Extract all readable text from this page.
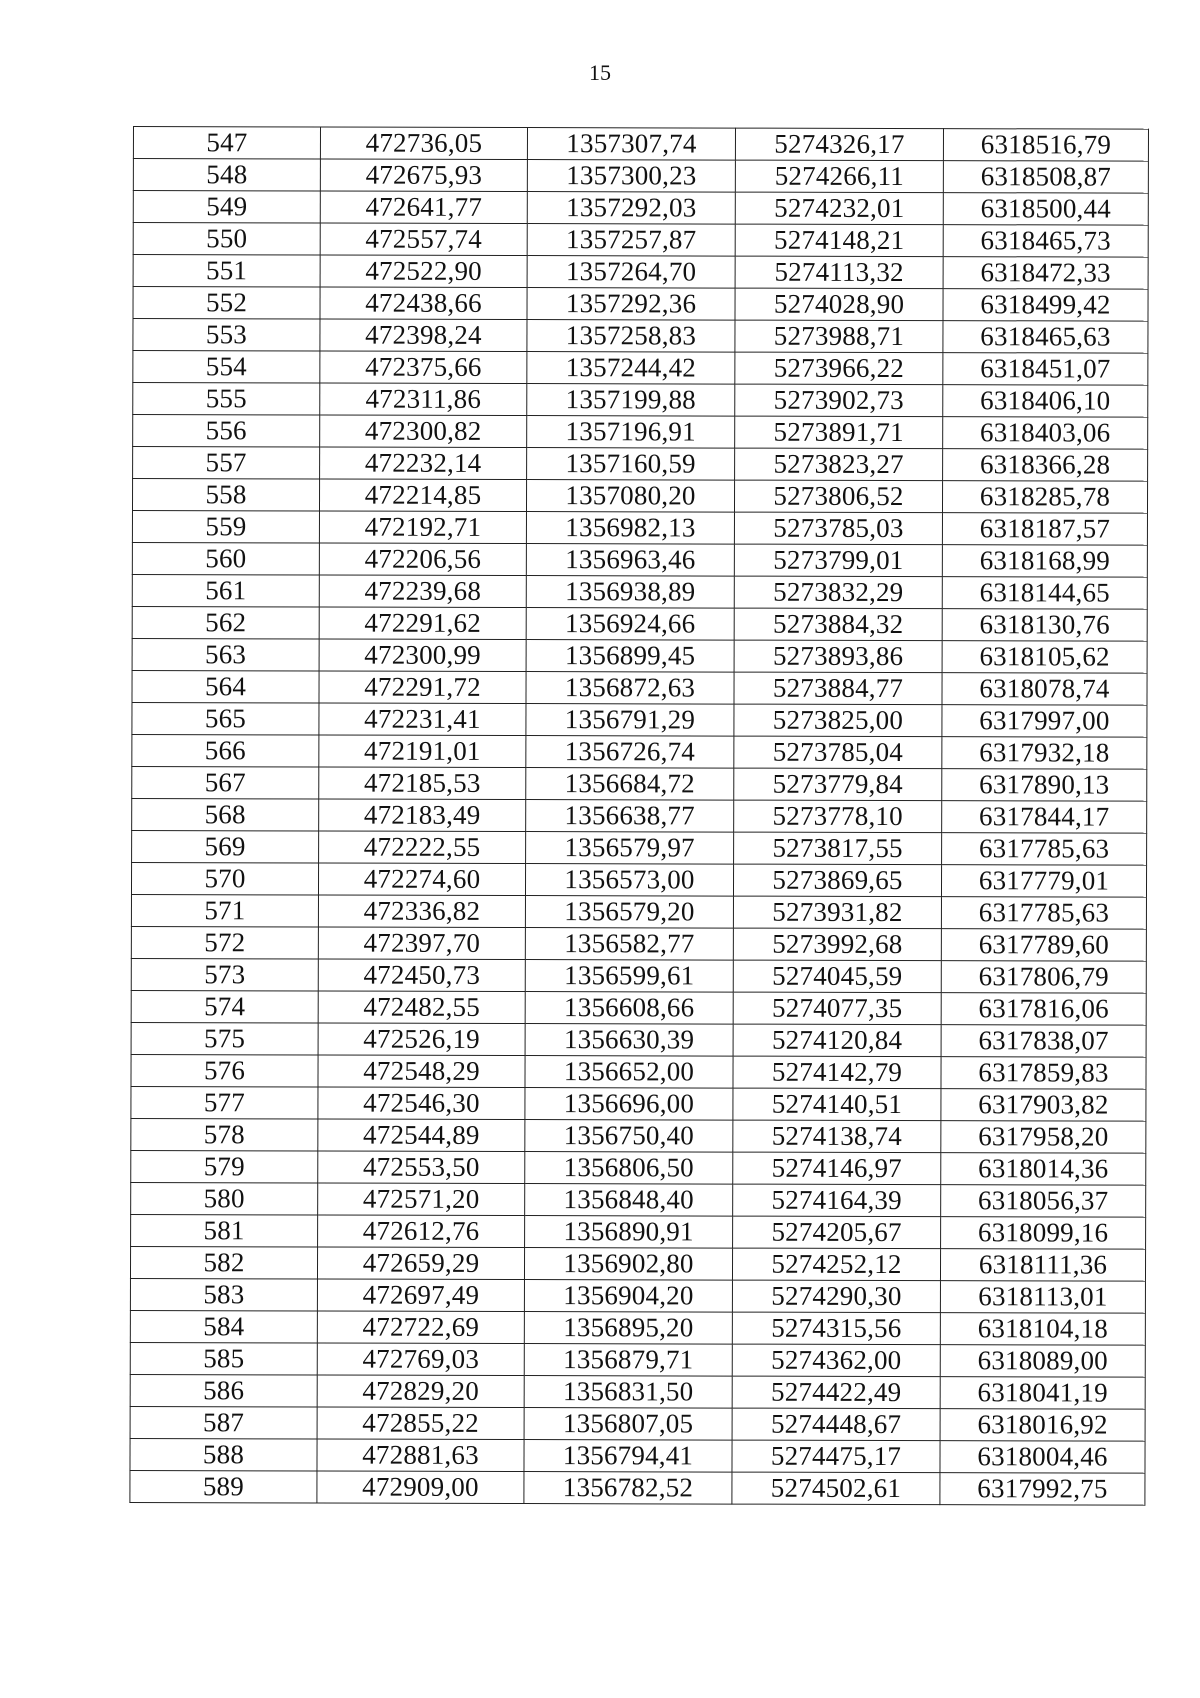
15
547	472736,05	1357307,74	5274326,17	6318516,79
548	472675,93	1357300,23	5274266,11	6318508,87
549	472641,77	1357292,03	5274232,01	6318500,44
550	472557,74	1357257,87	5274148,21	6318465,73
551	472522,90	1357264,70	5274113,32	6318472,33
552	472438,66	1357292,36	5274028,90	6318499,42
553	472398,24	1357258,83	5273988,71	6318465,63
554	472375,66	1357244,42	5273966,22	6318451,07
555	472311,86	1357199,88	5273902,73	6318406,10
556	472300,82	1357196,91	5273891,71	6318403,06
557	472232,14	1357160,59	5273823,27	6318366,28
558	472214,85	1357080,20	5273806,52	6318285,78
559	472192,71	1356982,13	5273785,03	6318187,57
560	472206,56	1356963,46	5273799,01	6318168,99
561	472239,68	1356938,89	5273832,29	6318144,65
562	472291,62	1356924,66	5273884,32	6318130,76
563	472300,99	1356899,45	5273893,86	6318105,62
564	472291,72	1356872,63	5273884,77	6318078,74
565	472231,41	1356791,29	5273825,00	6317997,00
566	472191,01	1356726,74	5273785,04	6317932,18
567	472185,53	1356684,72	5273779,84	6317890,13
568	472183,49	1356638,77	5273778,10	6317844,17
569	472222,55	1356579,97	5273817,55	6317785,63
570	472274,60	1356573,00	5273869,65	6317779,01
571	472336,82	1356579,20	5273931,82	6317785,63
572	472397,70	1356582,77	5273992,68	6317789,60
573	472450,73	1356599,61	5274045,59	6317806,79
574	472482,55	1356608,66	5274077,35	6317816,06
575	472526,19	1356630,39	5274120,84	6317838,07
576	472548,29	1356652,00	5274142,79	6317859,83
577	472546,30	1356696,00	5274140,51	6317903,82
578	472544,89	1356750,40	5274138,74	6317958,20
579	472553,50	1356806,50	5274146,97	6318014,36
580	472571,20	1356848,40	5274164,39	6318056,37
581	472612,76	1356890,91	5274205,67	6318099,16
582	472659,29	1356902,80	5274252,12	6318111,36
583	472697,49	1356904,20	5274290,30	6318113,01
584	472722,69	1356895,20	5274315,56	6318104,18
585	472769,03	1356879,71	5274362,00	6318089,00
586	472829,20	1356831,50	5274422,49	6318041,19
587	472855,22	1356807,05	5274448,67	6318016,92
588	472881,63	1356794,41	5274475,17	6318004,46
589	472909,00	1356782,52	5274502,61	6317992,75
